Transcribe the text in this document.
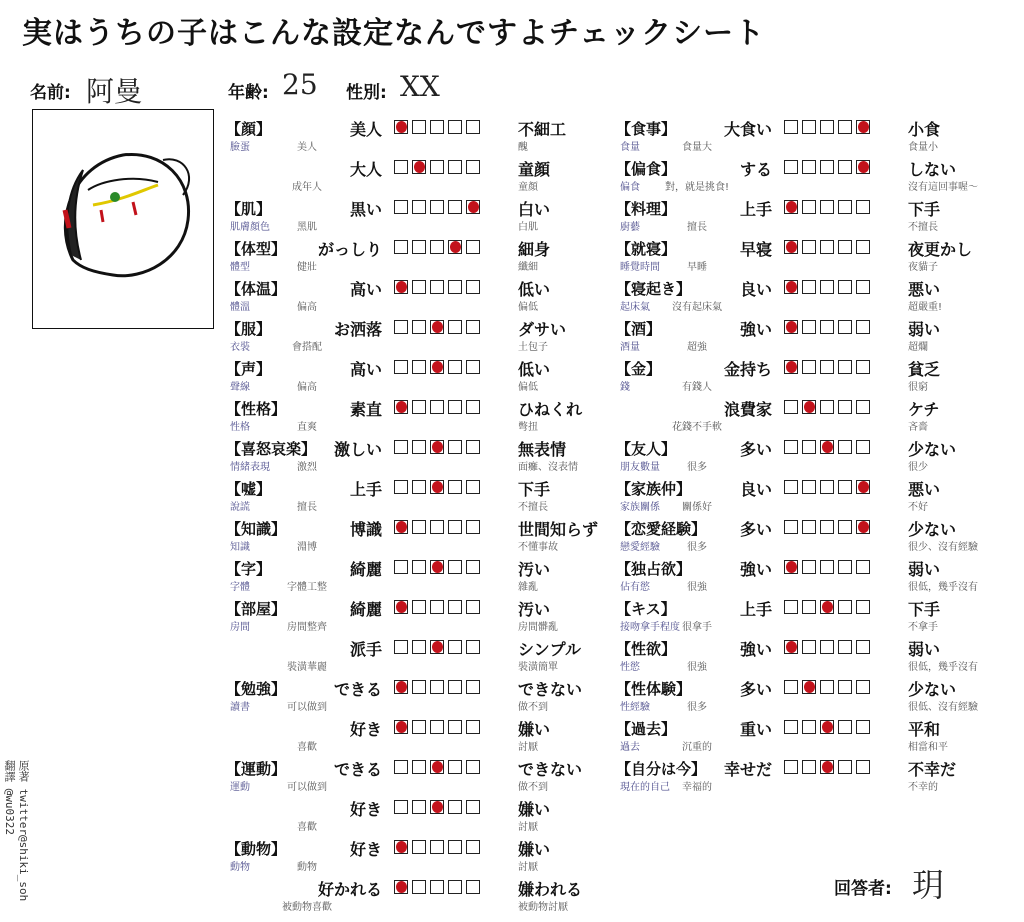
実はうちの子はこんな設定なんですよチェックシート
名前: 阿曼	年齢: 25 性別: XX
【顔】
臉蛋
美人
美人
不細工
醜
大人
成年人
童顔
童顏
【肌】
肌膚顏色
黒い
黑肌
白い
白肌
【体型】
體型
がっしり
健壯
細身
纖細
【体温】
體溫
高い
偏高
低い
偏低
【服】
衣裝
お洒落
會搭配
ダサい
土包子
【声】
聲線
高い
偏高
低い
偏低
【性格】
性格
素直
直爽
ひねくれ
彆扭
【喜怒哀楽】
情緒表現
激しい
激烈
無表情
面癱、沒表情
【嘘】
說謊
上手
擅長
下手
不擅長
【知識】
知識
博識
淵博
世間知らず
不懂事故
【字】
字體
綺麗
字體工整
汚い
雜亂
【部屋】
房間
綺麗
房間整齊
汚い
房間髒亂
派手
裝潢華麗
シンプル
裝潢簡單
【勉強】
讀書
できる
可以做到
できない
做不到
好き
喜歡
嫌い
討厭
【運動】
運動
できる
可以做到
できない
做不到
好き
喜歡
嫌い
討厭
【動物】
動物
好き
動物
嫌い
討厭
好かれる
被動物喜歡
嫌われる
被動物討厭
【食事】
食量
大食い
食量大
小食
食量小
【偏食】
偏食
する
對，就是挑食!
しない
沒有這回事喔～
【料理】
廚藝
上手
擅長
下手
不擅長
【就寝】
睡覺時間
早寝
早睡
夜更かし
夜貓子
【寝起き】
起床氣
良い
沒有起床氣
悪い
超嚴重!
【酒】
酒量
強い
超強
弱い
超爛
【金】
錢
金持ち
有錢人
貧乏
很窮
浪費家
花錢不手軟
ケチ
吝嗇
【友人】
朋友數量
多い
很多
少ない
很少
【家族仲】
家族關係
良い
關係好
悪い
不好
【恋愛経験】
戀愛經驗
多い
很多
少ない
很少、沒有經驗
【独占欲】
佔有慾
強い
很強
弱い
很低，幾乎沒有
【キス】
接吻拿手程度
上手
很拿手
下手
不拿手
【性欲】
性慾
強い
很強
弱い
很低，幾乎沒有
【性体験】
性經驗
多い
很多
少ない
很低、沒有經驗
【過去】
過去
重い
沉重的
平和
相當和平
【自分は今】
現在的自己
幸せだ
幸福的
不幸だ
不幸的
原著 twitter@shiki_soh
翻譯 @wu0322
回答者: 玥
